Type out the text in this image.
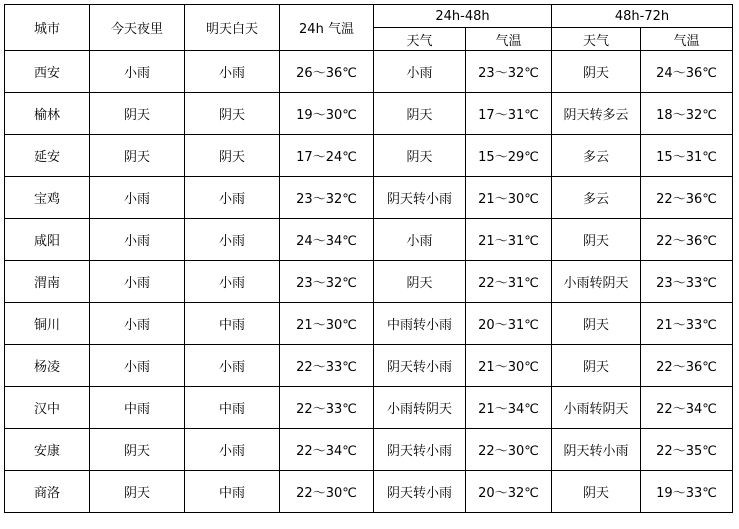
城市	今天夜里	明天白天	24h 气温	24h-48h		48h-72h	
				天气	气温	天气	气温
西安	小雨	小雨	26～36℃	小雨	23～32℃	阴天	24～36℃
榆林	阴天	阴天	19～30℃	阴天	17～31℃	阴天转多云	18～32℃
延安	阴天	阴天	17～24℃	阴天	15～29℃	多云	15～31℃
宝鸡	小雨	小雨	23～32℃	阴天转小雨	21～30℃	多云	22～36℃
咸阳	小雨	小雨	24～34℃	小雨	21～31℃	阴天	22～36℃
渭南	小雨	小雨	23～32℃	阴天	22～31℃	小雨转阴天	23～33℃
铜川	小雨	中雨	21～30℃	中雨转小雨	20～31℃	阴天	21～33℃
杨凌	小雨	小雨	22～33℃	阴天转小雨	21～30℃	阴天	22～36℃
汉中	中雨	中雨	22～33℃	小雨转阴天	21～34℃	小雨转阴天	22～34℃
安康	阴天	小雨	22～34℃	阴天转小雨	22～30℃	阴天转小雨	22～35℃
商洛	阴天	中雨	22～30℃	阴天转小雨	20～32℃	阴天	19～33℃
